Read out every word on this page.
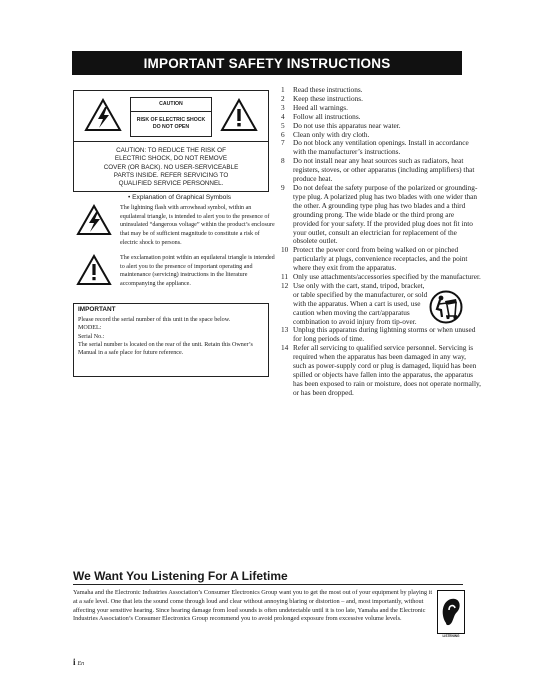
IMPORTANT SAFETY INSTRUCTIONS
CAUTION
RISK OF ELECTRIC SHOCK
DO NOT OPEN
CAUTION: TO REDUCE THE RISK OF
ELECTRIC SHOCK, DO NOT REMOVE
COVER (OR BACK). NO USER-SERVICEABLE
PARTS INSIDE. REFER SERVICING TO
QUALIFIED SERVICE PERSONNEL.
• Explanation of Graphical Symbols
The lightning flash with arrowhead symbol, within an equilateral triangle, is intended to alert you to the presence of uninsulated “dangerous voltage” within the product’s enclosure that may be of sufficient magnitude to constitute a risk of electric shock to persons.
The exclamation point within an equilateral triangle is intended to alert you to the presence of important operating and maintenance (servicing) instructions in the literature accompanying the appliance.
IMPORTANT
Please record the serial number of this unit in the space below.
MODEL:
Serial No.:
The serial number is located on the rear of the unit. Retain this Owner’s Manual in a safe place for future reference.
1	Read these instructions.
2	Keep these instructions.
3	Heed all warnings.
4	Follow all instructions.
5	Do not use this apparatus near water.
6	Clean only with dry cloth.
7	Do not block any ventilation openings. Install in accordance with the manufacturer’s instructions.
8	Do not install near any heat sources such as radiators, heat registers, stoves, or other apparatus (including amplifiers) that produce heat.
9	Do not defeat the safety purpose of the polarized or grounding-type plug. A polarized plug has two blades with one wider than the other. A grounding type plug has two blades and a third grounding prong. The wide blade or the third prong are provided for your safety. If the provided plug does not fit into your outlet, consult an electrician for replacement of the obsolete outlet.
10 Protect the power cord from being walked on or pinched particularly at plugs, convenience receptacles, and the point where they exit from the apparatus.
11 Only use attachments/accessories specified by the manufacturer.
12 Use only with the cart, stand, tripod, bracket, or table specified by the manufacturer, or sold with the apparatus. When a cart is used, use caution when moving the cart/apparatus combination to avoid injury from tip-over.
13 Unplug this apparatus during lightning storms or when unused for long periods of time.
14 Refer all servicing to qualified service personnel. Servicing is required when the apparatus has been damaged in any way, such as power-supply cord or plug is damaged, liquid has been spilled or objects have fallen into the apparatus, the apparatus has been exposed to rain or moisture, does not operate normally, or has been dropped.
We Want You Listening For A Lifetime
Yamaha and the Electronic Industries Association’s Consumer Electronics Group want you to get the most out of your equipment by playing it at a safe level. One that lets the sound come through loud and clear without annoying blaring or distortion – and, most importantly, without affecting your sensitive hearing. Since hearing damage from loud sounds is often undetectable until it is too late, Yamaha and the Electronic Industries Association’s Consumer Electronics Group recommend you to avoid prolonged exposure from excessive volume levels.
LISTENING
i En
